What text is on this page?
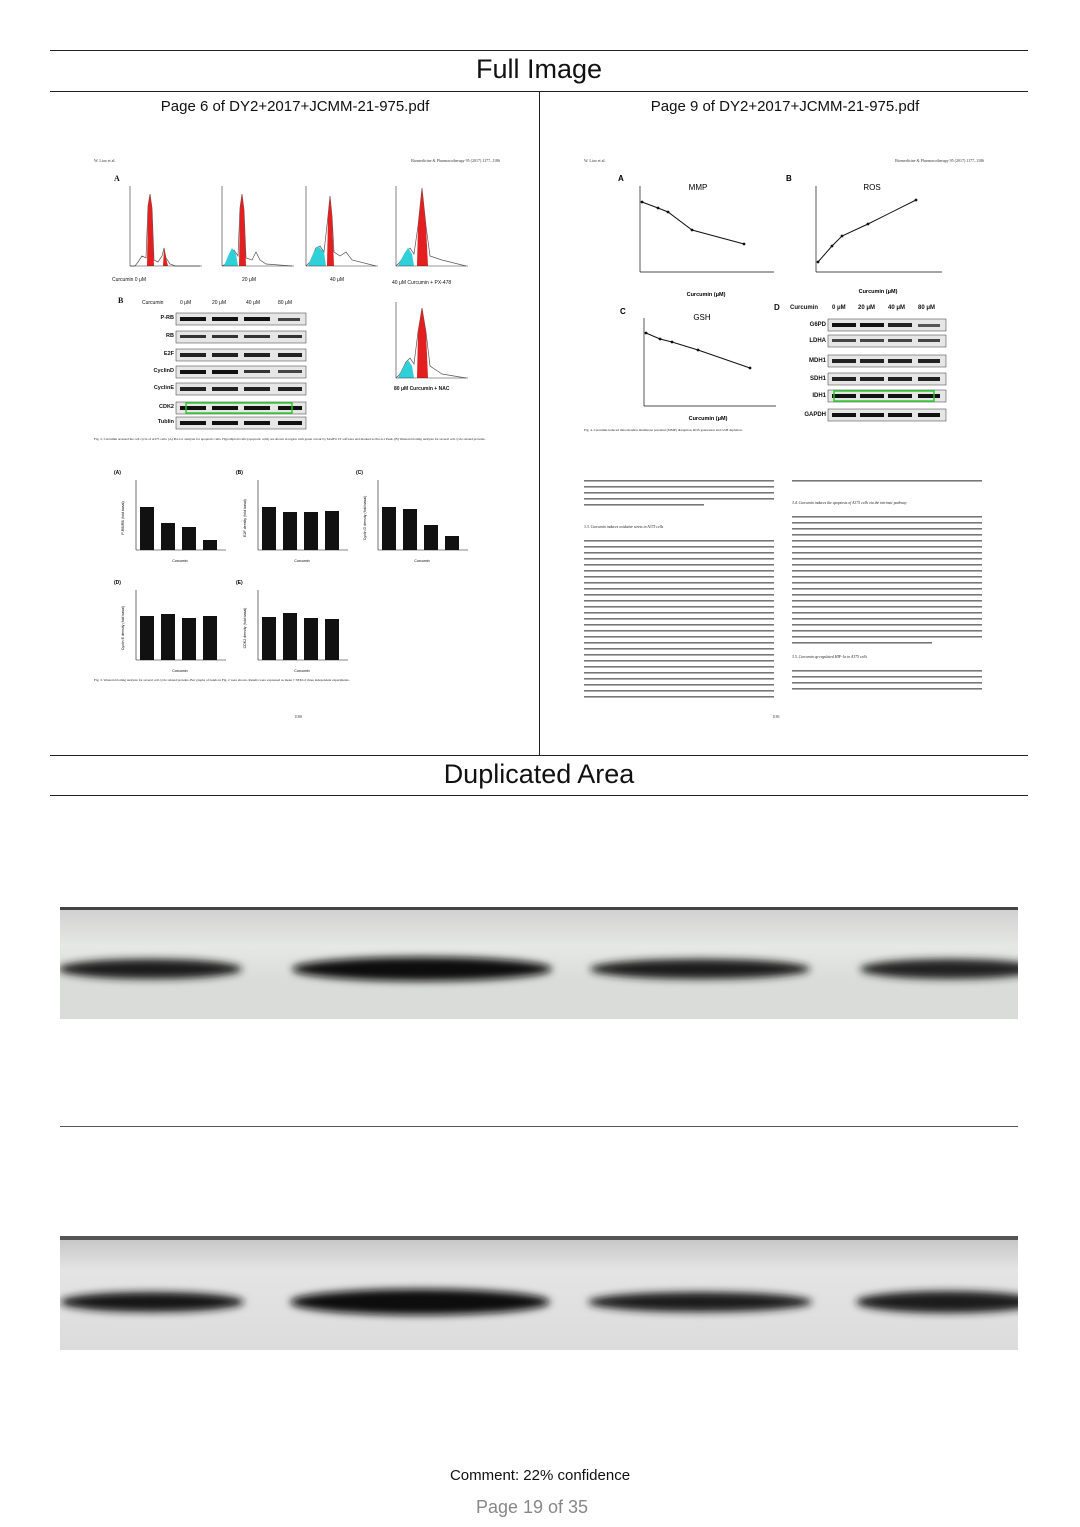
Full Image
Page 6 of DY2+2017+JCMM-21-975.pdf	Page 9 of DY2+2017+JCMM-21-975.pdf
W. Liao et al.	Biomedicine & Pharmacotherapy 95 (2017) 1177–1186
A
Curcumin 0 μM	20 μM	40 μM	40 μM Curcumin + PX-478
B	Curcumin	0 μM	20 μM	40 μM	80 μM
P-RB
RB
E2F
CyclinD
CyclinE
CDK2
Tublin
80 μM Curcumin + NAC
Fig. 2. Curcumin arrested the cell cycle of A375 cells. (A) Pre-G1 analysis for apoptotic cells. Hypodiploid cells (apoptotic cells) are shown in region with green colour by ModFit LT software and marked as Pre-G1 Peak. (B) Western blotting analysis for several cell cycle related proteins.
(A)
P-RB/RB (fold basal)
Curcumin
(B)
E2F density (fold basal)
Curcumin
(C)
Cyclin D density (fold basal)
Curcumin
(D)
Cyclin E density (fold basal)
Curcumin
(E)
CDK2 density (fold basal)
Curcumin
Fig. 3. Western blotting analysis for several cell cycle related proteins. Bar graphs of bands in Fig. 2 were shown. Results were expressed as mean ± SEM of three independent experiments.
1180
W. Liao et al.	Biomedicine & Pharmacotherapy 95 (2017) 1177–1186
A
MMP
Curcumin (μM)
B
ROS
Curcumin (μM)
C
GSH
Curcumin (μM)
D Curcumin 0 μM 20 μM 40 μM 80 μM
G6PD
LDHA
MDH1
SDH1
IDH1
GAPDH
Fig. 4. Curcumin-induced mitochondria membrane potential (MMP) disruption, ROS generation and GSH depletion.
3.3. Curcumin induces oxidative stress in A375 cells
3.4. Curcumin induces the apoptosis of A375 cells via the intrinsic pathway
3.5. Curcumin up regulated HIF-1α in A375 cells
1181
Duplicated Area
Comment: 22% confidence
Page 19 of 35
